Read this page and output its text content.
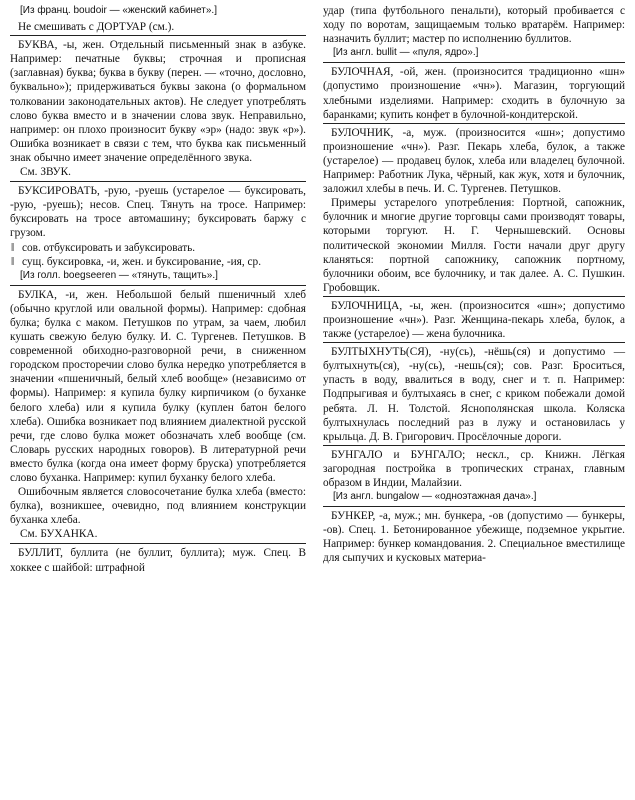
[Из франц. boudoir — «женский кабинет».]

Не смешивать с ДОРТУАР (см.).

БУКВА, -ы, жен. Отдельный письменный знак в азбуке. Например: печатные буквы; строчная и прописная (заглавная) буква; буква в букву (перен. — «точно, дословно, буквально»); придерживаться буквы закона (о формальном толковании законодательных актов). Не следует употреблять слово буква вместо и в значении слова звук. Неправильно, например: он плохо произносит букву «эр» (надо: звук «р»). Ошибка возникает в связи с тем, что буква как письменный знак обычно имеет значение определённого звука.

См. ЗВУК.

БУКСИРОВАТЬ, -рую, -руешь (устарелое — буксировать, -рую, -руешь); несов. Спец. Тянуть на тросе. Например: буксировать на тросе автомашину; буксировать баржу с грузом.

‖ сов. отбуксировать и забуксировать.

‖ сущ. буксировка, -и, жен. и буксирование, -ия, ср.

[Из голл. boegseeren — «тянуть, тащить».]

БУЛКА, -и, жен. Небольшой белый пшеничный хлеб (обычно круглой или овальной формы). Например: сдобная булка; булка с маком. Петушков по утрам, за чаем, любил кушать свежую белую булку. И. С. Тургенев. Петушков. В современной обиходно-разговорной речи, в сниженном городском просторечии слово булка нередко употребляется в значении «пшеничный, белый хлеб вообще» (независимо от формы). Например: я купила булку кирпичиком (о буханке белого хлеба) или я купила булку (куплен батон белого хлеба). Ошибка возникает под влиянием диалектной русской речи, где слово булка может обозначать хлеб вообще (см. Словарь русских народных говоров). В литературной речи вместо булка (когда она имеет форму бруска) употребляется слово буханка. Например: купил буханку белого хлеба.

Ошибочным является словосочетание булка хлеба (вместо: булка), возникшее, очевидно, под влиянием конструкции буханка хлеба.

См. БУХАНКА.

БУЛЛИТ, буллита (не буллит, буллита); муж. Спец. В хоккее с шайбой: штрафной

удар (типа футбольного пенальти), который пробивается с ходу по воротам, защищаемым только вратарём. Например: назначить буллит; мастер по исполнению буллитов.

[Из англ. bullit — «пуля, ядро».]

БУЛОЧНАЯ, -ой, жен. (произносится традиционно «шн» (допустимо произношение «чн»). Магазин, торгующий хлебными изделиями. Например: сходить в булочную за баранками; купить конфет в булочной-кондитерской.

БУЛОЧНИК, -а, муж. (произносится «шн»; допустимо произношение «чн»). Разг. Пекарь хлеба, булок, а также (устарелое) — продавец булок, хлеба или владелец булочной. Например: Работник Лука, чёрный, как жук, хотя и булочник, заложил хлебы в печь. И. С. Тургенев. Петушков.

Примеры устарелого употребления: Портной, сапожник, булочник и многие другие торговцы сами производят товары, которыми торгуют. Н. Г. Чернышевский. Основы политической экономии Милля. Гости начали друг другу кланяться: портной сапожнику, сапожник портному, булочники обоим, все булочнику, и так далее. А. С. Пушкин. Гробовщик.

БУЛОЧНИЦА, -ы, жен. (произносится «шн»; допустимо произношение «чн»). Разг. Женщина-пекарь хлеба, булок, а также (устарелое) — жена булочника.

БУЛТЫХНУТЬ(СЯ), -ну(сь), -нёшь(ся) и допустимо — бултыхнуть(ся), -ну(сь), -нешь(ся); сов. Разг. Броситься, упасть в воду, ввалиться в воду, снег и т. п. Например: Подпрыгивая и бултыхаясь в снег, с криком побежали домой ребята. Л. Н. Толстой. Яснополянская школа. Коляска бултыхнулась последний раз в лужу и остановилась у крыльца. Д. В. Григорович. Просёлочные дороги.

БУНГАЛО и БУНГАЛО; нескл., ср. Книжн. Лёгкая загородная постройка в тропических странах, главным образом в Индии, Малайзии.

[Из англ. bungalow — «одноэтажная дача».]

БУНКЕР, -а, муж.; мн. бункера, -ов (допустимо — бункеры, -ов). Спец. 1. Бетонированное убежище, подземное укрытие. Например: бункер командования. 2. Специальное вместилище для сыпучих и кусковых материа-
